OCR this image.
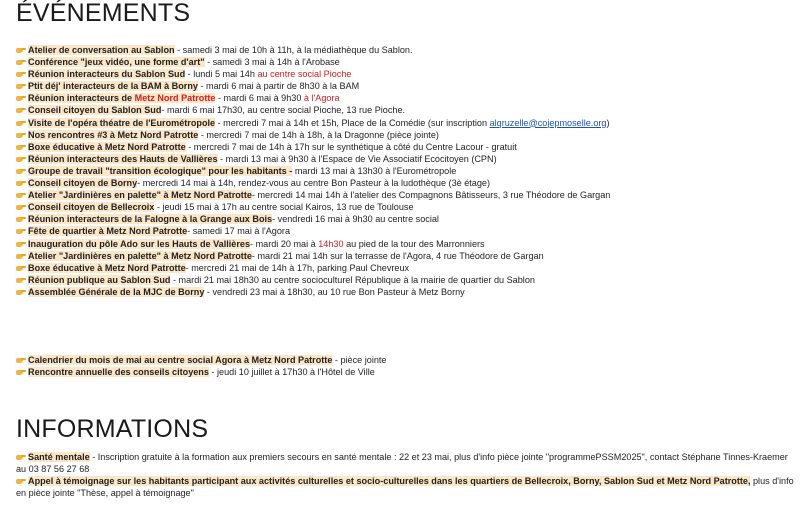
ÉVÉNEMENTS
Atelier de conversation au Sablon - samedi 3 mai de 10h à 11h, à la médiathèque du Sablon.
Conférence "jeux vidéo, une forme d'art" - samedi 3 mai à 14h à l'Arobase
Réunion interacteurs du Sablon Sud - lundi 5 mai 14h au centre social Pioche
Ptit déj' interacteurs de la BAM à Borny - mardi 6 mai à partir de 8h30 à la BAM
Réunion interacteurs de Metz Nord Patrotte - mardi 6 mai à 9h30 à l'Agora
Conseil citoyen du Sablon Sud- mardi 6 mai 17h30, au centre social Pioche, 13 rue Pioche.
Visite de l'opéra théatre de l'Eurométropole - mercredi 7 mai à 14h et 15h, Place de la Comédie (sur inscription alqruzelle@cojepmoselle.org)
Nos rencontres #3 à Metz Nord Patrotte - mercredi 7 mai de 14h à 18h, à la Dragonne (pièce jointe)
Boxe éducative à Metz Nord Patrotte - mercredi 7 mai de 14h à 17h sur le synthétique à côté du Centre Lacour - gratuit
Réunion interacteurs des Hauts de Vallières - mardi 13 mai à 9h30 à l'Espace de Vie Associatif Ecocitoyen (CPN)
Groupe de travail "transition écologique" pour les habitants - mardi 13 mai à 13h30 à l'Eurométropole
Conseil citoyen de Borny- mercredi 14 mai à 14h, rendez-vous au centre Bon Pasteur à la ludothèque (3è étage)
Atelier "Jardinières en palette" à Metz Nord Patrotte- mercredi 14 mai 14h à l'atelier des Compagnons Bâtisseurs, 3 rue Théodore de Gargan
Conseil citoyen de Bellecroix - jeudi 15 mai à 17h au centre social Kairos, 13 rue de Toulouse
Réunion interacteurs de la Falogne à la Grange aux Bois- vendredi 16 mai à 9h30 au centre social
Fête de quartier à Metz Nord Patrotte- samedi 17 mai à l'Agora
Inauguration du pôle Ado sur les Hauts de Vallières- mardi 20 mai à 14h30 au pied de la tour des Marronniers
Atelier "Jardinières en palette" à Metz Nord Patrotte- mardi 21 mai 14h sur la terrasse de l'Agora, 4 rue Théodore de Gargan
Boxe éducative à Metz Nord Patrotte- mercredi 21 mai de 14h à 17h, parking Paul Chevreux
Réunion publique au Sablon Sud - mardi 21 mai 18h30 au centre socioculturel République à la mairie de quartier du Sablon
Assemblée Générale de la MJC de Borny - vendredi 23 mai à 18h30, au 10 rue Bon Pasteur à Metz Borny
Calendrier du mois de mai au centre social Agora à Metz Nord Patrotte - pièce jointe
Rencontre annuelle des conseils citoyens - jeudi 10 juillet à 17h30 à l'Hôtel de Ville
INFORMATIONS
Santé mentale - Inscription gratuite à la formation aux premiers secours en santé mentale : 22 et 23 mai, plus d'info pièce jointe "programmePSSM2025", contact Stéphane Tinnes-Kraemer au 03 87 56 27 68
Appel à témoignage sur les habitants participant aux activités culturelles et socio-culturelles dans les quartiers de Bellecroix, Borny, Sablon Sud et Metz Nord Patrotte, plus d'info en pièce jointe "Thèse, appel à témoignage"
